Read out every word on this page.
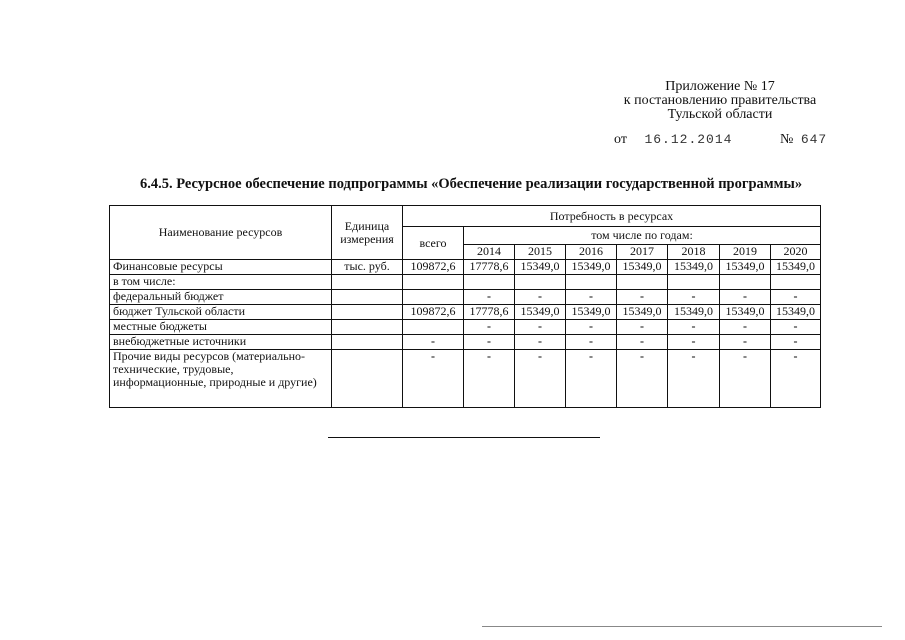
Приложение № 17
к постановлению правительства
Тульской области
от 16.12.2014	№ 647
6.4.5. Ресурсное обеспечение подпрограммы «Обеспечение реализации государственной программы»
Наименование ресурсов	Единица измерения	Потребность в ресурсах							
		всего	том числе по годам:						
			2014	2015	2016	2017	2018	2019	2020
Финансовые ресурсы	тыс. руб.	109872,6	17778,6	15349,0	15349,0	15349,0	15349,0	15349,0	15349,0
в том числе:									
федеральный бюджет			-	-	-	-	-	-	-
бюджет Тульской области		109872,6	17778,6	15349,0	15349,0	15349,0	15349,0	15349,0	15349,0
местные бюджеты			-	-	-	-	-	-	-
внебюджетные источники		-	-	-	-	-	-	-	-
Прочие виды ресурсов (материально-технические, трудовые, информационные, природные и другие)		-	-	-	-	-	-	-	-
